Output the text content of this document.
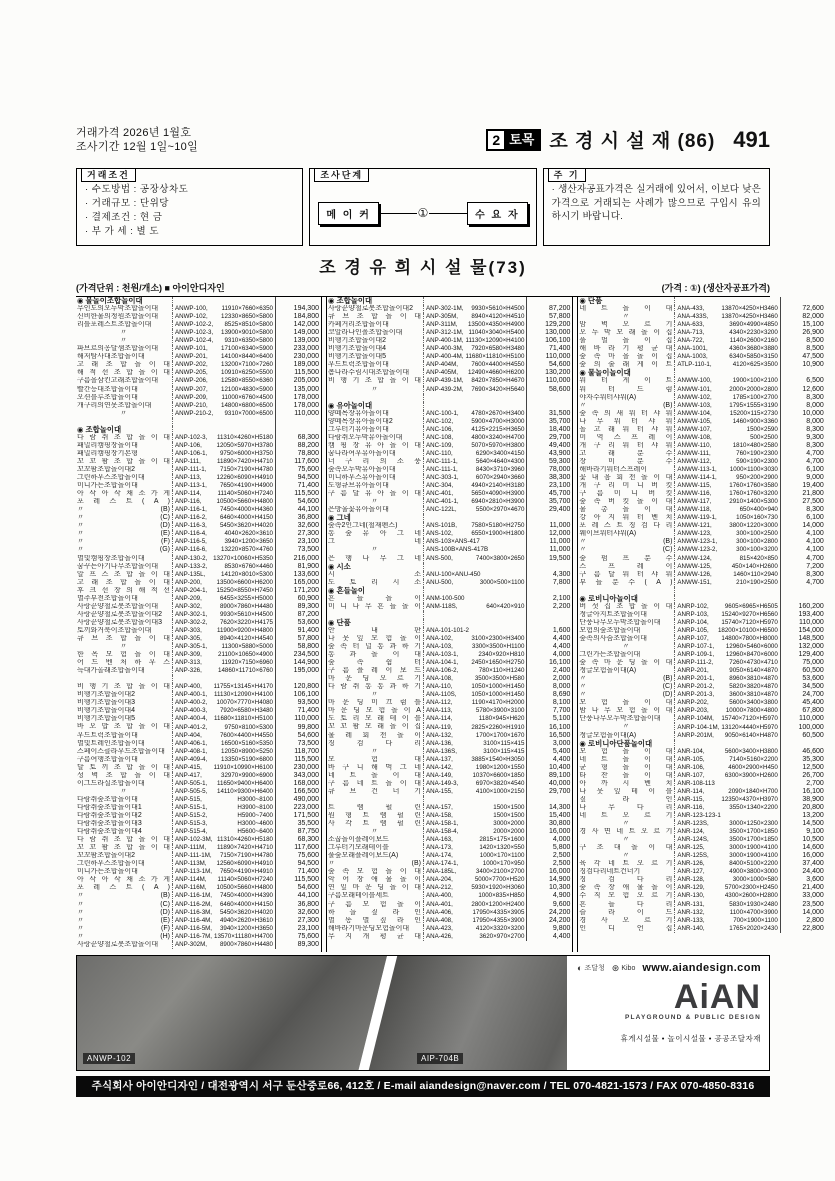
거래가격 2026년 1월호
조사기간 12월 1일~10일	2 토목 조 경 시 설 재 (86) 491
거래조건
· 수도방법 : 공장상차도
· 거래규모 : 단위당
· 결제조건 : 현 금
· 부 가 세 : 별 도
조사단계
메 이 커	①	수 요 자
주 기
· 생산자공표가격은 실거래에 있어서, 이보다 낮은 가격으로 거래되는 사례가 많으므로 구입시 유의하시기 바랍니다.
조 경 유 희 시 설 물(73)
(가격단위 : 천원/개소) ■ 아이안디자인	(가격 : ①) (생산자공표가격)
◉ 물놀이조합놀이대
무인도의오두막조합놀이대	ANWP-100, 11910×7660×6350	194,300
신비한물의정원조합놀이대	ANWP-102, 12330×8650×5800	184,800
리틀포레스트조합놀이대	ANWP-102-2, 8525×8510×5800	142,000
〃	ANWP-102-3, 13900×9010×5800	149,000
〃	ANWP-102-4, 9310×6350×5800	139,000
파브르의옹달샘조합놀이대	ANWP-101, 17100×6340×5900	233,000
해저탐사대조합놀이대	ANWP-201, 14100×8440×6400	230,000
고 래 조 합 놀 이 대 ANWP-202, 13200×7100×7260	189,000
해 적 선 조 합 놀 이 대 ANWP-205, 10910×6250×5500	115,500
구름을삼킨고래조합놀이대	ANWP-206, 12580×8550×6360	205,000
빨간등대조합놀이대	ANWP-207, 12100×4830×5900	135,000
오션블루조합놀이대	ANWP-209, 11000×6760×4500	178,000
개구리의연못조합놀이대	ANWP-210, 14800×6800×6500	178,000
〃	ANWP-210-2, 9310×7000×6500	110,000
◉ 조합놀이대
다 람 쥐 조 합 놀 이 대 ANP-102-3, 11310×4260×H5180	68,300
패밀리캠핑장놀이대	ANP-106, 12050×5970×H3780	88,200
패밀리캠핑장기본형	ANP-106-1, 9750×6000×H3750	78,800
꼬 꼬 팜 조 합 놀 이 대 ANP-111,	11890×7420×H4710	117,600
꼬꼬팜조합놀이대2	ANP-111-1, 7150×7190×H4780	75,600
그린하우스조합놀이대	ANP-113, 12260×6090×H4910	94,500
미니가든조합놀이대	ANP-113-1, 7650×4190×H4900	71,400
아 삭 아 삭 채 소 가 게 ANP-114,	11140×5060×H7240	115,500
포 레 스 트 ( A ) ANP-116, 10500×5660×H4800	54,600
〃 (B) ANP-116-1, 7450×4000×H4360	44,100
〃 (C) ANP-116-2, 6460×4000×H4150	36,800
〃 (D) ANP-116-3, 5450×3620×H4020	32,600
〃 (E) ANP-116-4,	4040×2620×3610	27,300
〃 (F) ANP-116-5,	3940×1200×3650	23,100
〃 (G) ANP-116-6, 13220×8570×4760	73,500
별빛캠핑장조합놀이대	ANP-130-2, 13270×10060×H5350	216,000
꿈꾸는아기나무조합놀이대	ANP-133-2,	8530×6760×4460	81,900
알 프 스 조 합 놀 이 대 ANP-135L,	14120×8010×5300	133,600
고 래 조 합 놀 이 대 ANP-200, 13500×6600×H6200	165,000
후 크 선 장 의 해 적 선 ANP-204-1, 15250×8550×H7450	171,200
별주부전조합놀이대	ANP-209,	6455×3255×H5000	60,900
사랑꾼양철로봇조합놀이대	ANP-302,	8900×7860×H4480	89,300
사랑꾼양철로봇조합놀이대2	ANP-302-1, 9930×5610×H4500	87,200
사랑꾼양철로봇조합놀이대3	ANP-302-2, 7620×3220×H4175	53,600
토끼와거북이조합놀이대	ANP-303, 11900×9200×H4800	91,400
큐 브 조 합 놀 이 대 ANP-305,	8940×4120×H4540	57,800
〃	ANP-305-1, 11300×5880×5000	58,800
한 옥 모 험 놀 이 대 ANP-309,	21100×10650×4900	234,500
어 드 벤 처 하 우 스 ANP-313,	11920×7150×6960	144,900
늑대가올래조합놀이대	ANP-326,	14860×11710×6760	195,000
비 행 기 조 합 놀 이 대 ANP-400, 11755×13145×H4170	120,800
비행기조합놀이대2	ANP-400-1, 11130×12090×H4100	106,100
비행기조합놀이대3	ANP-400-2, 10070×7770×H4080	93,500
비행기조합놀이대4	ANP-400-3, 7920×6580×H3480	71,400
비행기조합놀이대5	ANP-400-4, 11680×11810×H5100	110,000
바 오 밥 조 합 놀 이 대 ANP-401-2,	9750×8100×5300	99,800
우드트럭조합놀이대	ANP-404,	7600×4400×H4550	54,600
별빛트레인조합놀이대	ANP-406-1, 16500×5160×5350	73,500
스페이스클라우드조합놀이대	ANP-408-1, 12050×8900×5250	118,700
구름여행조합놀이대	ANP-409-4, 13350×5190×6800	115,500
달 토 끼 조 합 놀 이 대 ANP-415, 11910×10990×H6100	230,000
성 벽 조 합 놀 이 대 ANP-417,	32970×9900×6900	343,000
이그드라실조합놀이대	ANP-505-1, 11650×9400×H6400	168,000
〃	ANP-505-5, 14110×9300×H6400	166,500
다람쥐숲조합놀이대	ANP-515,	H3000~8100	490,000
다람쥐숲조합놀이대1	ANP-515-1,	H3900~8100	223,000
다람쥐숲조합놀이대2	ANP-515-2,	H5900~7400	171,500
다람쥐숲조합놀이대3	ANP-515-3,	H3000~4600	35,500
다람쥐숲조합놀이대4	ANP-515-4,	H5600~6400	87,750
다 람 쥐 조 합 놀 이 대 ANP-102-3M, 11310×4260×H5180	68,300
꼬 꼬 팜 조 합 놀 이 대 ANP-111M, 11890×7420×H4710	117,600
꼬꼬팜조합놀이대2	ANP-111-1M, 7150×7190×H4780	75,600
그린하우스조합놀이대	ANP-113M, 12560×6090×H4910	94,500
미니가든조합놀이대	ANP-113-1M, 7650×4190×H4910	71,400
아 삭 아 삭 채 소 가 게 ANP-114M, 11140×5060×H7240	115,500
포 레 스 트 ( A ) ANP-116M, 10500×5660×H4800	54,600
〃 (B) ANP-116-1M, 7450×4000×H4390	44,100
〃 (C) ANP-116-2M, 6460×4000×H4150	36,800
〃 (D) ANP-116-3M, 5450×3620×H4020	32,600
〃 (E) ANP-116-4M, 4940×2620×H3610	27,300
〃 (F) ANP-116-5M, 3940×1200×H3650	23,100
〃 (H) ANP-116-7M, 13570×11180×H4700	75,600
사랑꾼양철로봇조합놀이대	ANP-302M, 8900×7860×H4480	89,300
◉ 조합놀이대
사랑꾼양철로봇조합놀이대2	ANP-302-1M, 9930×5610×H4500	87,200
큐 브 조 합 놀 이 대 ANP-305M, 8940×4120×H4510	57,800
카페거리조합놀이대	ANP-311M, 13500×4350×H4900	129,200
코알라나인폴조합놀이대	ANP-312-1M, 11040×3040×H5400	130,000
비행기조합놀이대2	ANP-400-1M, 11130×12090×H4100	106,100
비행기조합놀이대4	ANP-400-3M, 7920×6580×H3480	71,400
비행기조합놀이대5	ANP-400-4M, 11680×11810×H5100	110,000
우드트럭조합놀이대	ANP-404M, 7600×4400×H4550	54,600
봄나라수림시대조합놀이대	ANP-405M, 12490×4660×H6200	130,200
비 행 기 조 합 놀 이 대 ANP-439-1M, 8420×7850×H4670	110,000
〃	ANP-439-2M, 7690×3420×H5640	58,600
◉ 유아놀이대
양떼목장유아놀이대	ANC-100-1, 4780×2670×H3400	31,500
양떼목장유아놀이대2	ANC-102,	5900×4700×H3000	35,700
그루터기유아놀이대	ANC-106,	4125×2215×H3650	18,400
다람쥐오두막유아놀이대	ANC-108,	4800×3240×H4700	29,700
캠 핑 장 유 아 놀 이 대 ANC-109,	5070×5970×H3800	49,400
꿈나라여우유아놀이대	ANC-110,	6290×3400×4150	43,900
너 구 리 의 소 풍 ANC-111-1,	5640×4640×4300	59,300
숲속오두막유아놀이대	ANC-111-1,	8430×3710×3960	78,000
미니하우스유아놀이대	ANC-303-1,	6070×2940×3660	38,300
도형큐브유아놀이대	ANC-304,	4940×2140×H3180	23,100
구 름 달 유 아 놀 이 대 ANC-401,	5650×4090×H3900	45,700
〃	ANC-401-1, 6940×2810×H3900	35,700
은방울꽃유아놀이대	ANC-122L,	5500×2970×4670	29,400
◉ 그네
숲속2인그네(철재펜스)	ANS-101B, 7580×5180×H2750	11,000
통 숲 유 아 그 네 ANS-102,	6550×1900×H1800	12,000
그 네 ANS-103×ANS-417	11,000
〃	ANS-100B×ANS-417B	11,000
은 행 나 무 그 네 ANS-500,	7400×3800×2650	19,500
◉ 시소
시 소 ANU-100×ANU-450	4,300
도 토 리 시 소 ANU-500,	3000×500×1100	7,800
◉ 흔들놀이
흔 들 놀 이 ANM-100-500	2,100
미 니 나 무 흔 들 놀 이 ANM-118S,	640×420×910	2,200
◉ 단품
안 내 판 ANA-101-101-2	1,600
나 뭇 잎 모 험 놀 이 ANA-102,	3100×2300×H3400	4,400
숲 속 터 널 통 과 하 기 ANA-103,	3300×3500×H1100	4,400
통 과 놀 이 대 ANA-103-1,	2340×920×H810	4,000
숲 속 쉼 터 ANA-104-1, 2450×1650×H2750	16,100
구 름 플 레 이 보 드 ANA-106-2,	780×110×H1240	2,400
마 운 딩 오 르 기 ANA-108,	3500×3500×H580	2,000
다 람 쥐 통 통 과 하 기 ANA-110,	1050×1000×H1450	8,000
〃	ANA-110S, 1050×1000×H1450	8,690
마 운 딩 미 끄 럼 틀 ANA-112,	1190×4170×H2000	8,100
마 운 딩 모 험 놀 이 A ANA-113,	5780×3900×3100	7,700
도 토 리 모 래 테 이 블 ANA-114,	1180×945×H620	5,100
꼬 꼬 팜 모 래 놀 이 집 ANA-119,	2825×2260×H1910	16,100
물 레 회 전 놀 이 ANA-132,	1700×1700×1670	16,500
징 검 다 리 ANA-136,	3100×115×415	3,000
〃	ANA-136S,	3100×115×415	5,400
모 험 대 ANA-137,	3885×1540×H3050	4,400
바 구 니 해 먹 그 네 ANA-142,	1980×1200×1550	10,400
네 트 놀 이 대 ANA-149,	10370×6600×1850	89,100
구 름 네 트 놀 이 대 ANA-149-3,	6970×3820×4540	40,000
큐 브 건 너 기 ANA-155,	4100×1000×2150	29,700
트 램 펄 린 ANA-157,	1500×1500	14,300
원 형 트 램 펄 린 ANA-158,	1500×1500	15,400
사 각 트 램 펄 린 ANA-158-1,	3000×2000	30,800
〃	ANA-158-4,	2000×2000	16,000
소꿉놀이플레이보드	ANA-163,	2815×175×1600	4,000
그루터기모래테이블	ANA-173,	1420×1320×550	5,800
풀숲모래플레이보드(A)	ANA-174,	1000×170×1100	2,500
〃 (B) ANA-174-1,	1000×170×950	2,500
숲 속 모 험 놀 이 대 ANA-185L,	3400×2100×2700	16,000
악 어 장 애 물 놀 이 ANA-204,	5000×7700×H520	14,900
연 잎 마 운 딩 놀 이 대 ANA-212,	5930×1920×H3060	10,300
구름모래테이블세트	ANA-400,	1000×835×H850	4,900
구 름 모 험 놀 이 ANA-401,	2800×1200×H2400	9,600
하 늘 짚 라 인 ANA-406,	17950×4335×3905	24,200
별 똥 별 짚 라 인 ANA-408,	17950×4355×3900	24,200
해바라기마운딩모험놀이대	ANA-423,	4120×3320×3200	9,800
무 지 개 평 균 대 ANA-426,	3620×970×2700	4,400
◉ 단품
네 트 놀 이 대 ANA-433,	13870×4250×H3460	72,600
〃	ANA-433S, 13870×4250×H3460	82,000
암 벽 오 르 기 ANA-633,	3690×4990×4850	15,100
오 두 막 모 래 놀 이 집 ANA-713,	4340×2230×3200	26,900
풀 벌 놀 이 집 ANA-722,	1140×2600×2160	8,500
해 바 라 기 평 균 대 ANA-1001,	4360×3680×3880	8,500
숲 속 마 을 놀 이 집 ANA-1003,	6340×5850×3150	47,500
숲 의 술 래 게 이 트 ATLP-110-1,	4120×625×3500	10,900
◉ 물놀이놀이대
워 터 게 이 트 ANWW-100,	1900×100×2100	6,500
워 터 드 럼 ANWW-101,	2000×2000×2800	12,600
야자수워터샤워(A)	ANWW-102,	1785×100×2700	8,300
〃 (B) ANWW-103,	1795×1555×3190	8,000
숲 속 의 새 워 터 샤 워 ANWW-104,	15200×115×2730	10,000
나 무 워 터 샤 워 ANWW-105,	1460×900×3360	8,000
돌 고 래 워 터 샤 워 ANWW-107,	1500×2590	8,300
미 역 스 프 레 이 ANWW-108,	500×2500	9,300
개 구 리 워 터 샤 워 ANWW-110,	1810×480×2580	8,300
고 래 분 수 ANWW-111,	760×190×2300	4,700
장 미 분 수 ANWW-112,	590×190×2300	4,700
해바라기워터스프레이	ANWW-113-1, 1000×1100×3030	6,100
꽃 내 음 회 전 놀 이 대 ANWW-114-1,	950×200×2900	9,000
개 구 리 미 니 버 킷 ANWW-115,	1760×1760×3580	19,400
구 름 미 니 버 킷 ANWW-116,	1760×1760×3200	21,800
숲 속 버 킷 놀 이 대 ANWW-117,	2910×1400×5300	27,500
물 총 놀 이 대 ANWW-118,	650×400×940	8,300
강 아 지 워 터 벤 치 ANWW-119-1,	1050×160×730	6,100
포 레 스 트 징 검 다 리 ANWW-121,	3800×1220×3000	14,000
웨이브워터샤워(A)	ANWW-123,	300×100×2500	4,100
〃 (B) ANWW-123-1,	300×100×2800	4,100
〃 (C) ANWW-123-2,	300×100×3200	4,100
숲 펌 프 분 수 ANWW-124,	815×420×850	4,700
스 프 레 이 ANWW-125,	450×140×H2600	7,200
구 름 달 워 터 샤 워 ANWW-126,	1460×110×2940	8,300
부 들 분 수 ( A ) ANWW-151,	210×190×2500	4,700
◉ 로비니아놀이대
버 섯 집 조 합 놀 이 대 ANRP-102,	9605×6965×H6505	160,200
정글아지트조합놀이대	ANRP-103, 15240×9270×H6560	193,400
단풍나무오두막조합놀이대	ANRP-104, 15740×7120×H5970	110,000
모험의숲조합놀이대	ANRP-105, 18200×10100×H6500	154,000
숲속의사슴조합놀이대	ANRP-107, 14800×7800×H8000	148,500
〃	ANRP-107-1, 12960×5460×6000	132,000
그린가든조합놀이대	ANRP-109-1, 12960×8470×6000	129,400
숲 속 마 운 딩 놀 이 대 ANRP-111-2,	7260×4730×4710	75,000
정글모험놀이대(A)	ANRP-201,	9050×6140×4870	60,500
〃 (B) ANRP-201-1, 8960×3810×4870	53,600
〃 (C) ANRP-201-2, 5820×3820×4870	34,500
〃 (D) ANRP-201-3, 3600×3810×4870	24,700
모 험 놀 이 대 ANRP-202,	5600×3400×3800	45,400
밤 나 무 모 험 놀 이 대 ANRP-203,	10000×7800×4800	67,800
단풍나무오두막조합놀이대	ANRP-104M, 15740×7120×H5970	110,000
〃	ANRP-104-1M, 13120×4440×H5970	100,000
정글모험놀이대(A)	ANRP-201M, 9050×6140×H4870	60,500
◉ 로비니아단품놀이대
모 험 놀 이 대 ANR-104,	5600×3400×H3800	46,600
네 트 놀 이 대 ANR-105,	7140×5160×2200	35,300
균 형 놀 이 대 ANR-106,	4600×2900×H450	12,500
타 잔 놀 이 대 ANR-107,	6300×3900×H2600	26,700
아 까 시 벤 치 ANR-108-113	2,700
나 뭇 잎 테 이 블 ANR-114,	2090×1840×H700	16,100
짚 라 인 ANR-115,	12350×4370×H3970	38,900
나 무 다 리 ANR-116,	3550×1340×2200	20,800
네 트 오 르 기 ANR-123-123-1	13,200
〃	ANR-123S,	3000×1250×2300	14,500
경 사 면 네 트 오 르 기 ANR-124,	3500×1700×1850	9,100
〃	ANR-124S,	3500×1700×1850	10,500
구 조 대 놀 이 대 ANR-125,	3000×1900×4100	14,600
〃	ANR-125S,	3000×1900×4100	16,000
육 각 네 트 오 르 기 ANR-126,	8400×5100×2200	37,400
징검다리네트건너기	ANR-127,	4900×3800×3000	24,400
징 검 다 리 ANR-128,	3000×1000×580	3,600
숲 속 장 애 물 놀 이 ANR-129,	5700×2300×H2450	21,400
수 직 모 험 오 르 기 ANR-130,	4300×2600×H2800	33,000
흔 들 다 리 ANR-131,	5830×1930×2480	23,500
슬 라 이 드 ANR-132,	1100×4700×3900	14,000
경 사 오 르 기 ANR-133,	700×1900×1100	2,800
인 디 언 집 ANR-140,	1765×2020×2430	22,800
ANWP-102	AIP-704B
◐ 조달청 ⊛ Kibo www.aiandesign.com
AiAN
PLAYGROUND & PUBLIC DESIGN
휴게시설물 • 놀이시설물 • 공공조달자재
주식회사 아이안디자인 / 대전광역시 서구 둔산중로66, 412호 / E-mail aiandesign@naver.com / TEL 070-4821-1573 / FAX 070-4850-8316
